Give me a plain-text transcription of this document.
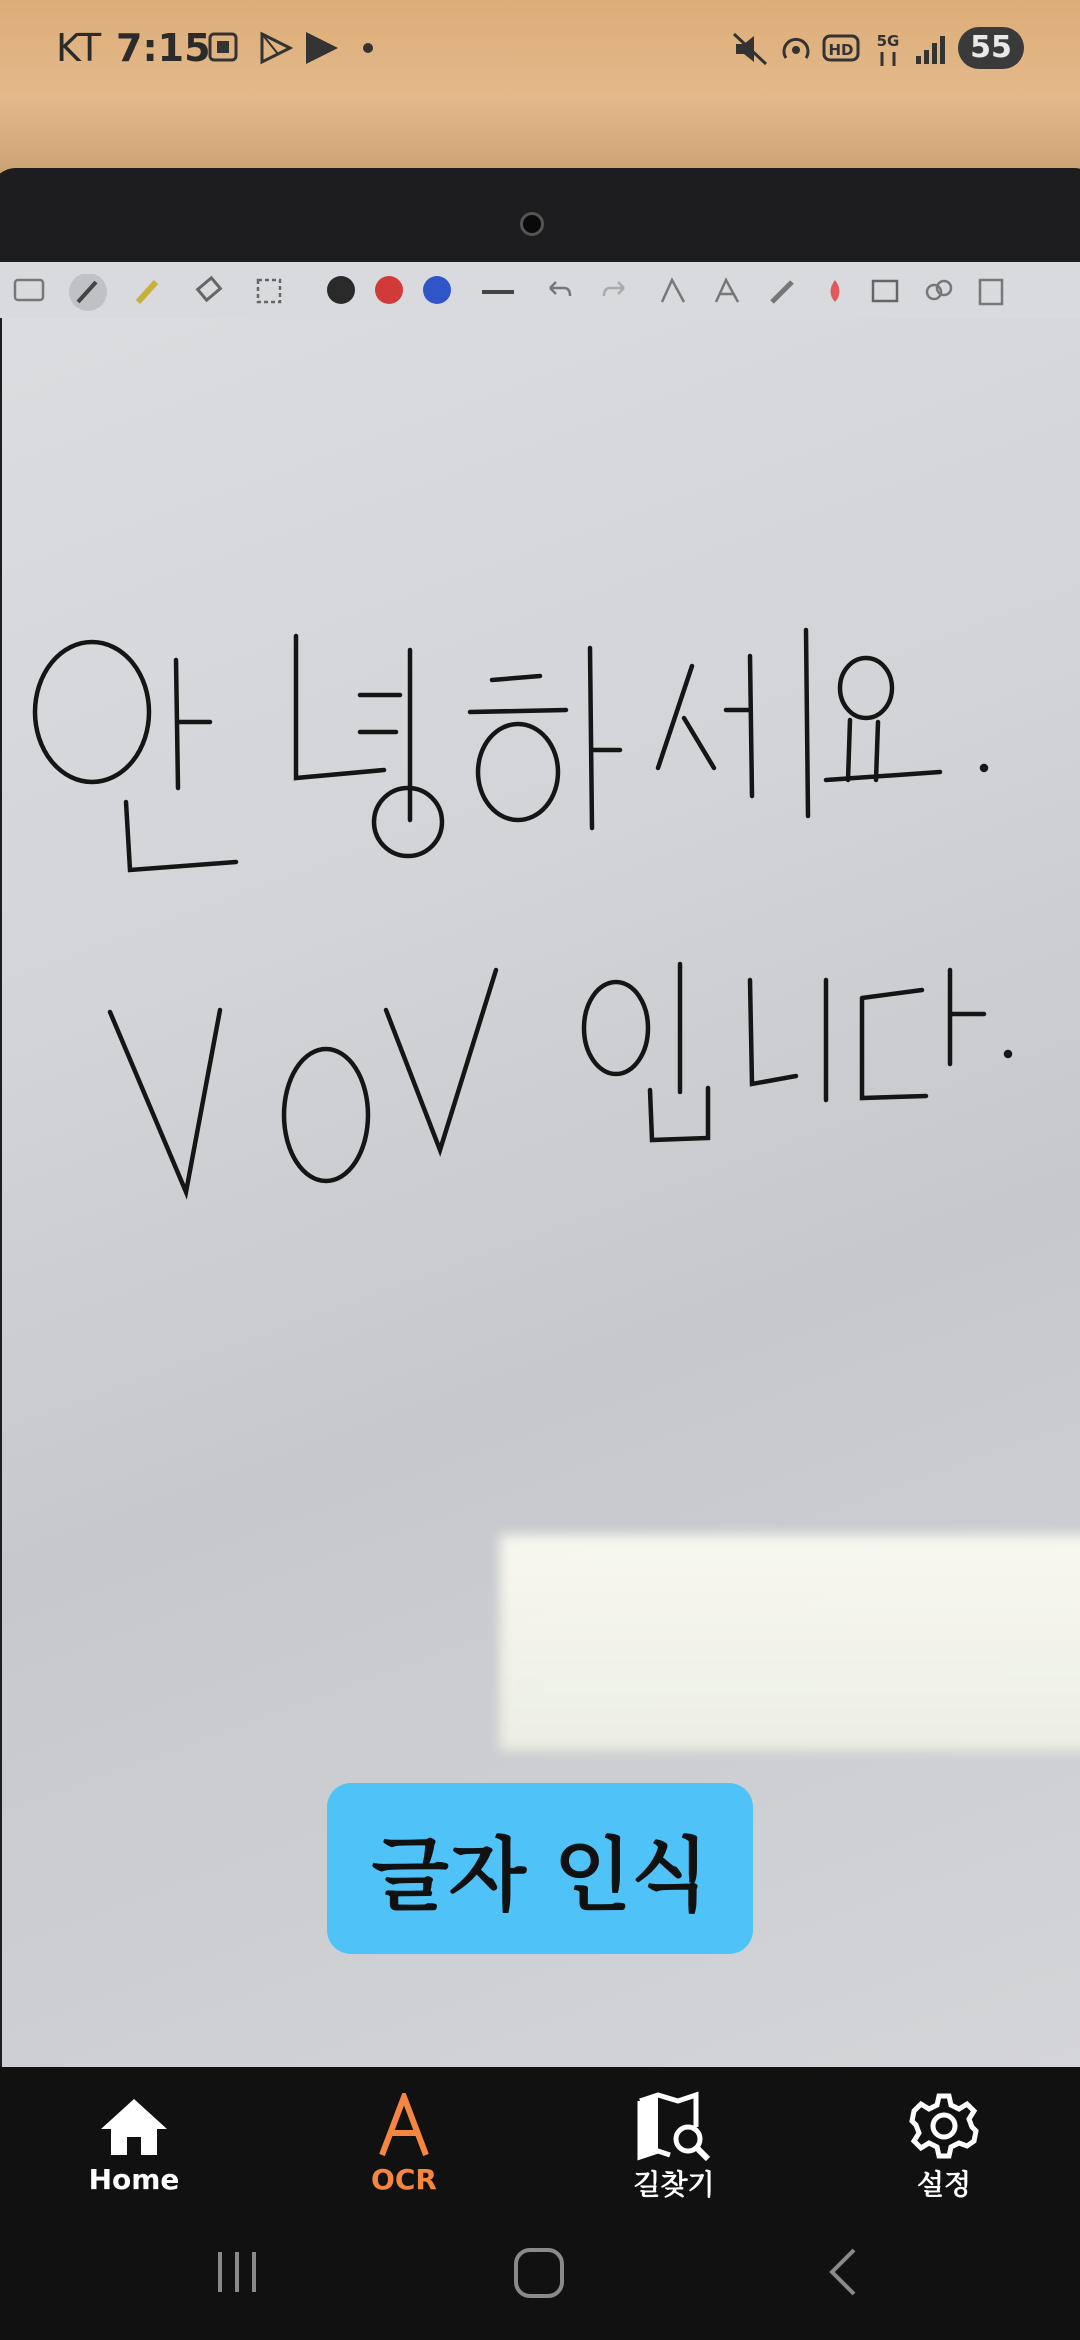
KT 7:15	HD 5G	55
글자 인식
Home	OCR	길찾기	설정
